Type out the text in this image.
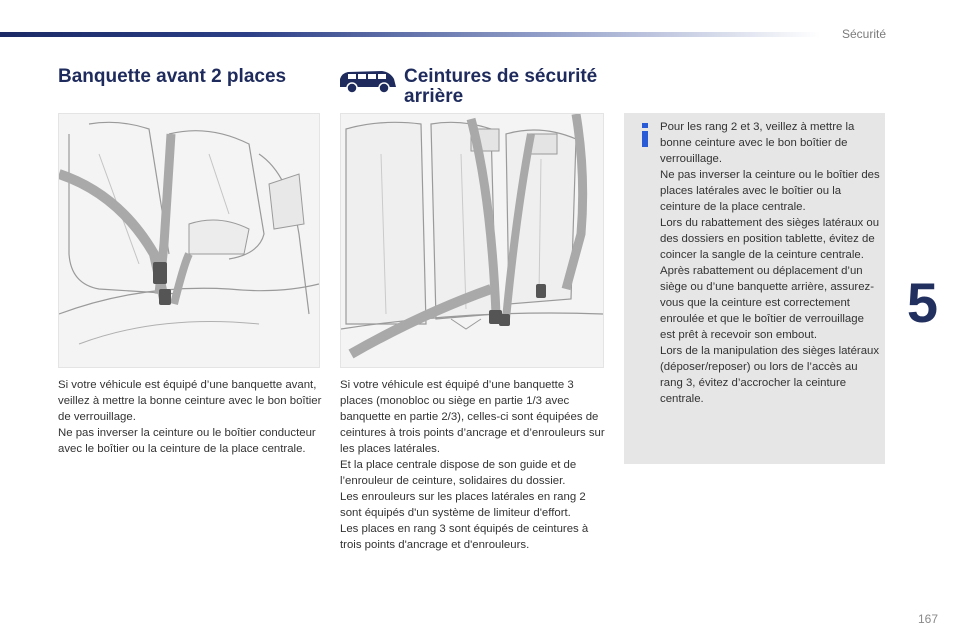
Sécurité
5
167
Banquette avant 2 places
Si votre véhicule est équipé d’une banquette avant, veillez à mettre la bonne ceinture avec le bon boîtier de verrouillage.
Ne pas inverser la ceinture ou le boîtier conducteur avec le boîtier ou la ceinture de la place centrale.
Ceintures de sécurité arrière
Si votre véhicule est équipé d’une banquette 3 places (monobloc ou siège en partie 1/3 avec banquette en partie 2/3), celles-ci sont équipées de ceintures à trois points d’ancrage et d’enrouleurs sur les places latérales.
Et la place centrale dispose de son guide et de l’enrouleur de ceinture, solidaires du dossier.
Les enrouleurs sur les places latérales en rang 2 sont équipés d'un système de limiteur d'effort.
Les places en rang 3 sont équipés de ceintures à trois points d'ancrage et d'enrouleurs.
Pour les rang 2 et 3, veillez à mettre la bonne ceinture avec le bon boîtier de verrouillage.
Ne pas inverser la ceinture ou le boîtier des places latérales avec le boîtier ou la ceinture de la place centrale.
Lors du rabattement des sièges latéraux ou des dossiers en position tablette, évitez de coincer la sangle de la ceinture centrale.
Après rabattement ou déplacement d’un siège ou d’une banquette arrière, assurez-vous que la ceinture est correctement enroulée et que le boîtier de verrouillage est prêt à recevoir son embout.
Lors de la manipulation des sièges latéraux (déposer/reposer) ou lors de l’accès au rang 3, évitez d’accrocher la ceinture centrale.
